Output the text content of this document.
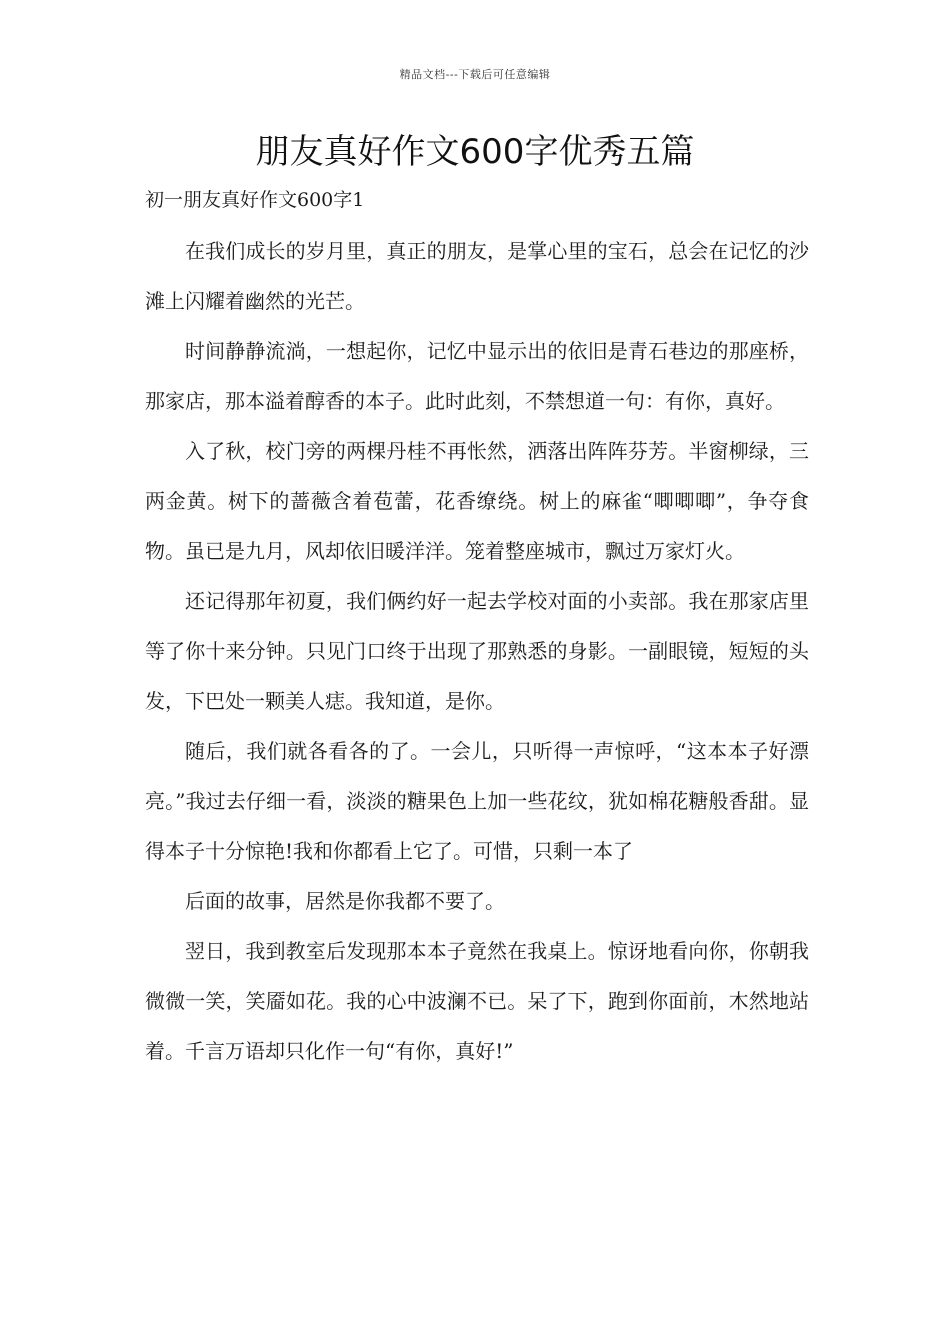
精品文档---下载后可任意编辑
朋友真好作文600字优秀五篇
初一朋友真好作文600字1

在我们成长的岁月里，真正的朋友，是掌心里的宝石，总会在记忆的沙滩上闪耀着幽然的光芒。

时间静静流淌，一想起你，记忆中显示出的依旧是青石巷边的那座桥，那家店，那本溢着醇香的本子。此时此刻，不禁想道一句：有你，真好。

入了秋，校门旁的两棵丹桂不再怅然，洒落出阵阵芬芳。半窗柳绿，三两金黄。树下的蔷薇含着苞蕾，花香缭绕。树上的麻雀“唧唧唧”，争夺食物。虽已是九月，风却依旧暖洋洋。笼着整座城市，飘过万家灯火。

还记得那年初夏，我们俩约好一起去学校对面的小卖部。我在那家店里等了你十来分钟。只见门口终于出现了那熟悉的身影。一副眼镜，短短的头发，下巴处一颗美人痣。我知道，是你。

随后，我们就各看各的了。一会儿，只听得一声惊呼，“这本本子好漂亮。”我过去仔细一看，淡淡的糖果色上加一些花纹，犹如棉花糖般香甜。显得本子十分惊艳!我和你都看上它了。可惜，只剩一本了

后面的故事，居然是你我都不要了。

翌日，我到教室后发现那本本子竟然在我桌上。惊讶地看向你，你朝我微微一笑，笑靥如花。我的心中波澜不已。呆了下，跑到你面前，木然地站着。千言万语却只化作一句“有你，真好!”
